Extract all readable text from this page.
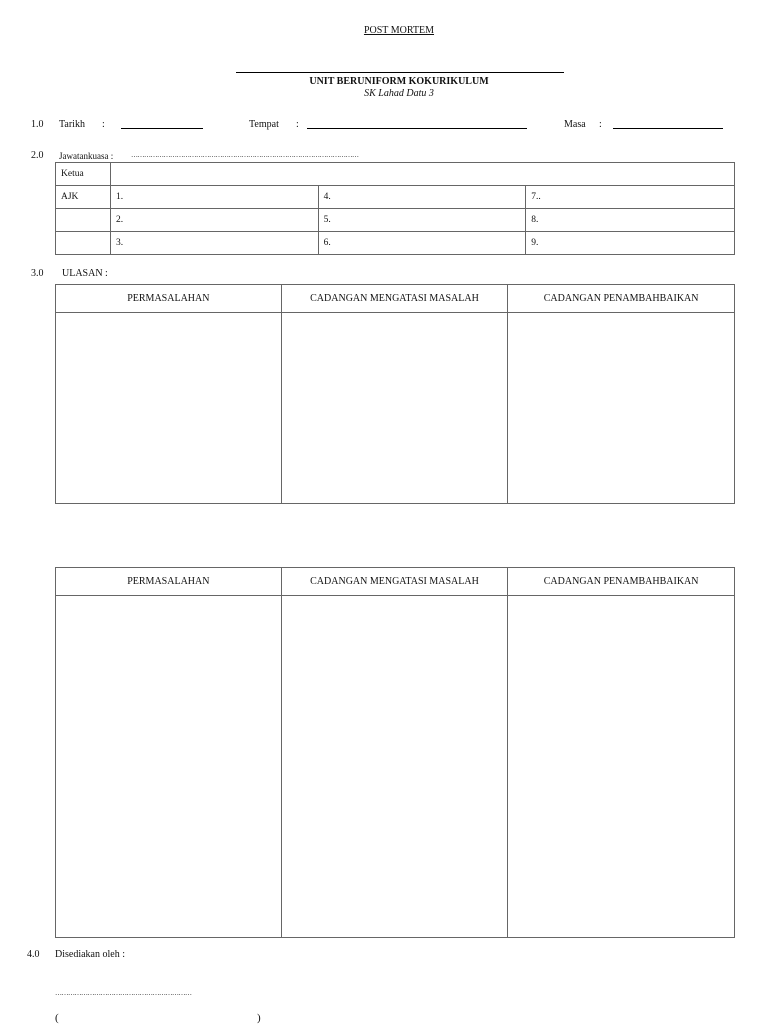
POST MORTEM
UNIT BERUNIFORM KOKURIKULUM
SK Lahad Datu 3
1.0 Tarikh :	Tempat :	Masa :
2.0 Jawatankuasa :	……………………………………………………………………………………………
Ketua			
AJK	1.	4.	7..
	2.	5.	8.
	3.	6.	9.
3.0 ULASAN :
PERMASALAHAN	CADANGAN MENGATASI MASALAH	CADANGAN PENAMBAHBAIKAN

PERMASALAHAN	CADANGAN MENGATASI MASALAH	CADANGAN PENAMBAHBAIKAN

4.0 Disediakan oleh :
………………………………………………………
(	)
